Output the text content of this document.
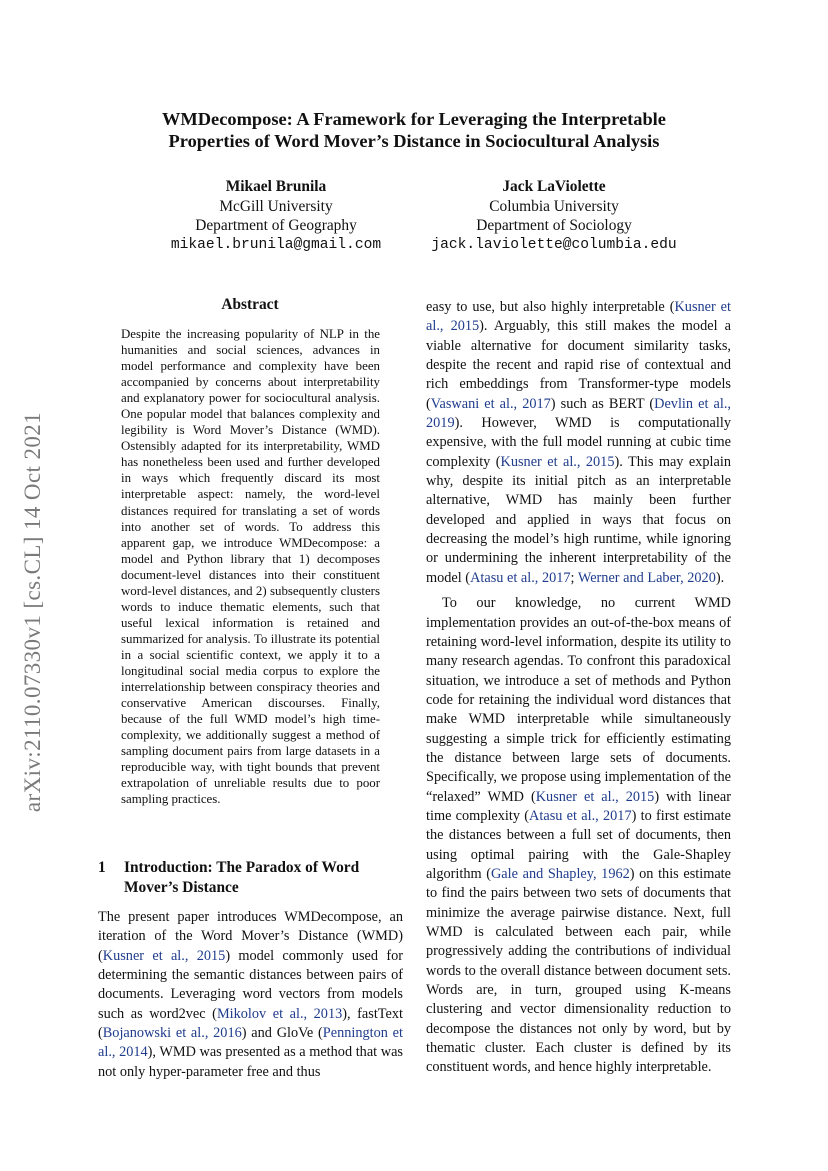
arXiv:2110.07330v1 [cs.CL] 14 Oct 2021
WMDecompose: A Framework for Leveraging the Interpretable
Properties of Word Mover’s Distance in Sociocultural Analysis
Mikael Brunila
McGill University
Department of Geography
mikael.brunila@gmail.com
Jack LaViolette
Columbia University
Department of Sociology
jack.laviolette@columbia.edu
Abstract
Despite the increasing popularity of NLP in the humanities and social sciences, advances in model performance and complexity have been accompanied by concerns about interpretability and explanatory power for sociocultural analysis. One popular model that balances complexity and legibility is Word Mover’s Distance (WMD). Ostensibly adapted for its interpretability, WMD has nonetheless been used and further developed in ways which frequently discard its most interpretable aspect: namely, the word-level distances required for translating a set of words into another set of words. To address this apparent gap, we introduce WMDecompose: a model and Python library that 1) decomposes document-level distances into their constituent word-level distances, and 2) subsequently clusters words to induce thematic elements, such that useful lexical information is retained and summarized for analysis. To illustrate its potential in a social scientific context, we apply it to a longitudinal social media corpus to explore the interrelationship between conspiracy theories and conservative American discourses. Finally, because of the full WMD model’s high time-complexity, we additionally suggest a method of sampling document pairs from large datasets in a reproducible way, with tight bounds that prevent extrapolation of unreliable results due to poor sampling practices.
1 Introduction: The Paradox of Word Mover’s Distance
The present paper introduces WMDecompose, an iteration of the Word Mover’s Distance (WMD) (Kusner et al., 2015) model commonly used for determining the semantic distances between pairs of documents. Leveraging word vectors from models such as word2vec (Mikolov et al., 2013), fastText (Bojanowski et al., 2016) and GloVe (Pennington et al., 2014), WMD was presented as a method that was not only hyper-parameter free and thus

easy to use, but also highly interpretable (Kusner et al., 2015). Arguably, this still makes the model a viable alternative for document similarity tasks, despite the recent and rapid rise of contextual and rich embeddings from Transformer-type models (Vaswani et al., 2017) such as BERT (Devlin et al., 2019). However, WMD is computationally expensive, with the full model running at cubic time complexity (Kusner et al., 2015). This may explain why, despite its initial pitch as an interpretable alternative, WMD has mainly been further developed and applied in ways that focus on decreasing the model’s high runtime, while ignoring or undermining the inherent interpretability of the model (Atasu et al., 2017; Werner and Laber, 2020).

To our knowledge, no current WMD implementation provides an out-of-the-box means of retaining word-level information, despite its utility to many research agendas. To confront this paradoxical situation, we introduce a set of methods and Python code for retaining the individual word distances that make WMD interpretable while simultaneously suggesting a simple trick for efficiently estimating the distance between large sets of documents. Specifically, we propose using implementation of the “relaxed” WMD (Kusner et al., 2015) with linear time complexity (Atasu et al., 2017) to first estimate the distances between a full set of documents, then using optimal pairing with the Gale-Shapley algorithm (Gale and Shapley, 1962) on this estimate to find the pairs between two sets of documents that minimize the average pairwise distance. Next, full WMD is calculated between each pair, while progressively adding the contributions of individual words to the overall distance between document sets. Words are, in turn, grouped using K-means clustering and vector dimensionality reduction to decompose the distances not only by word, but by thematic cluster. Each cluster is defined by its constituent words, and hence highly interpretable.
